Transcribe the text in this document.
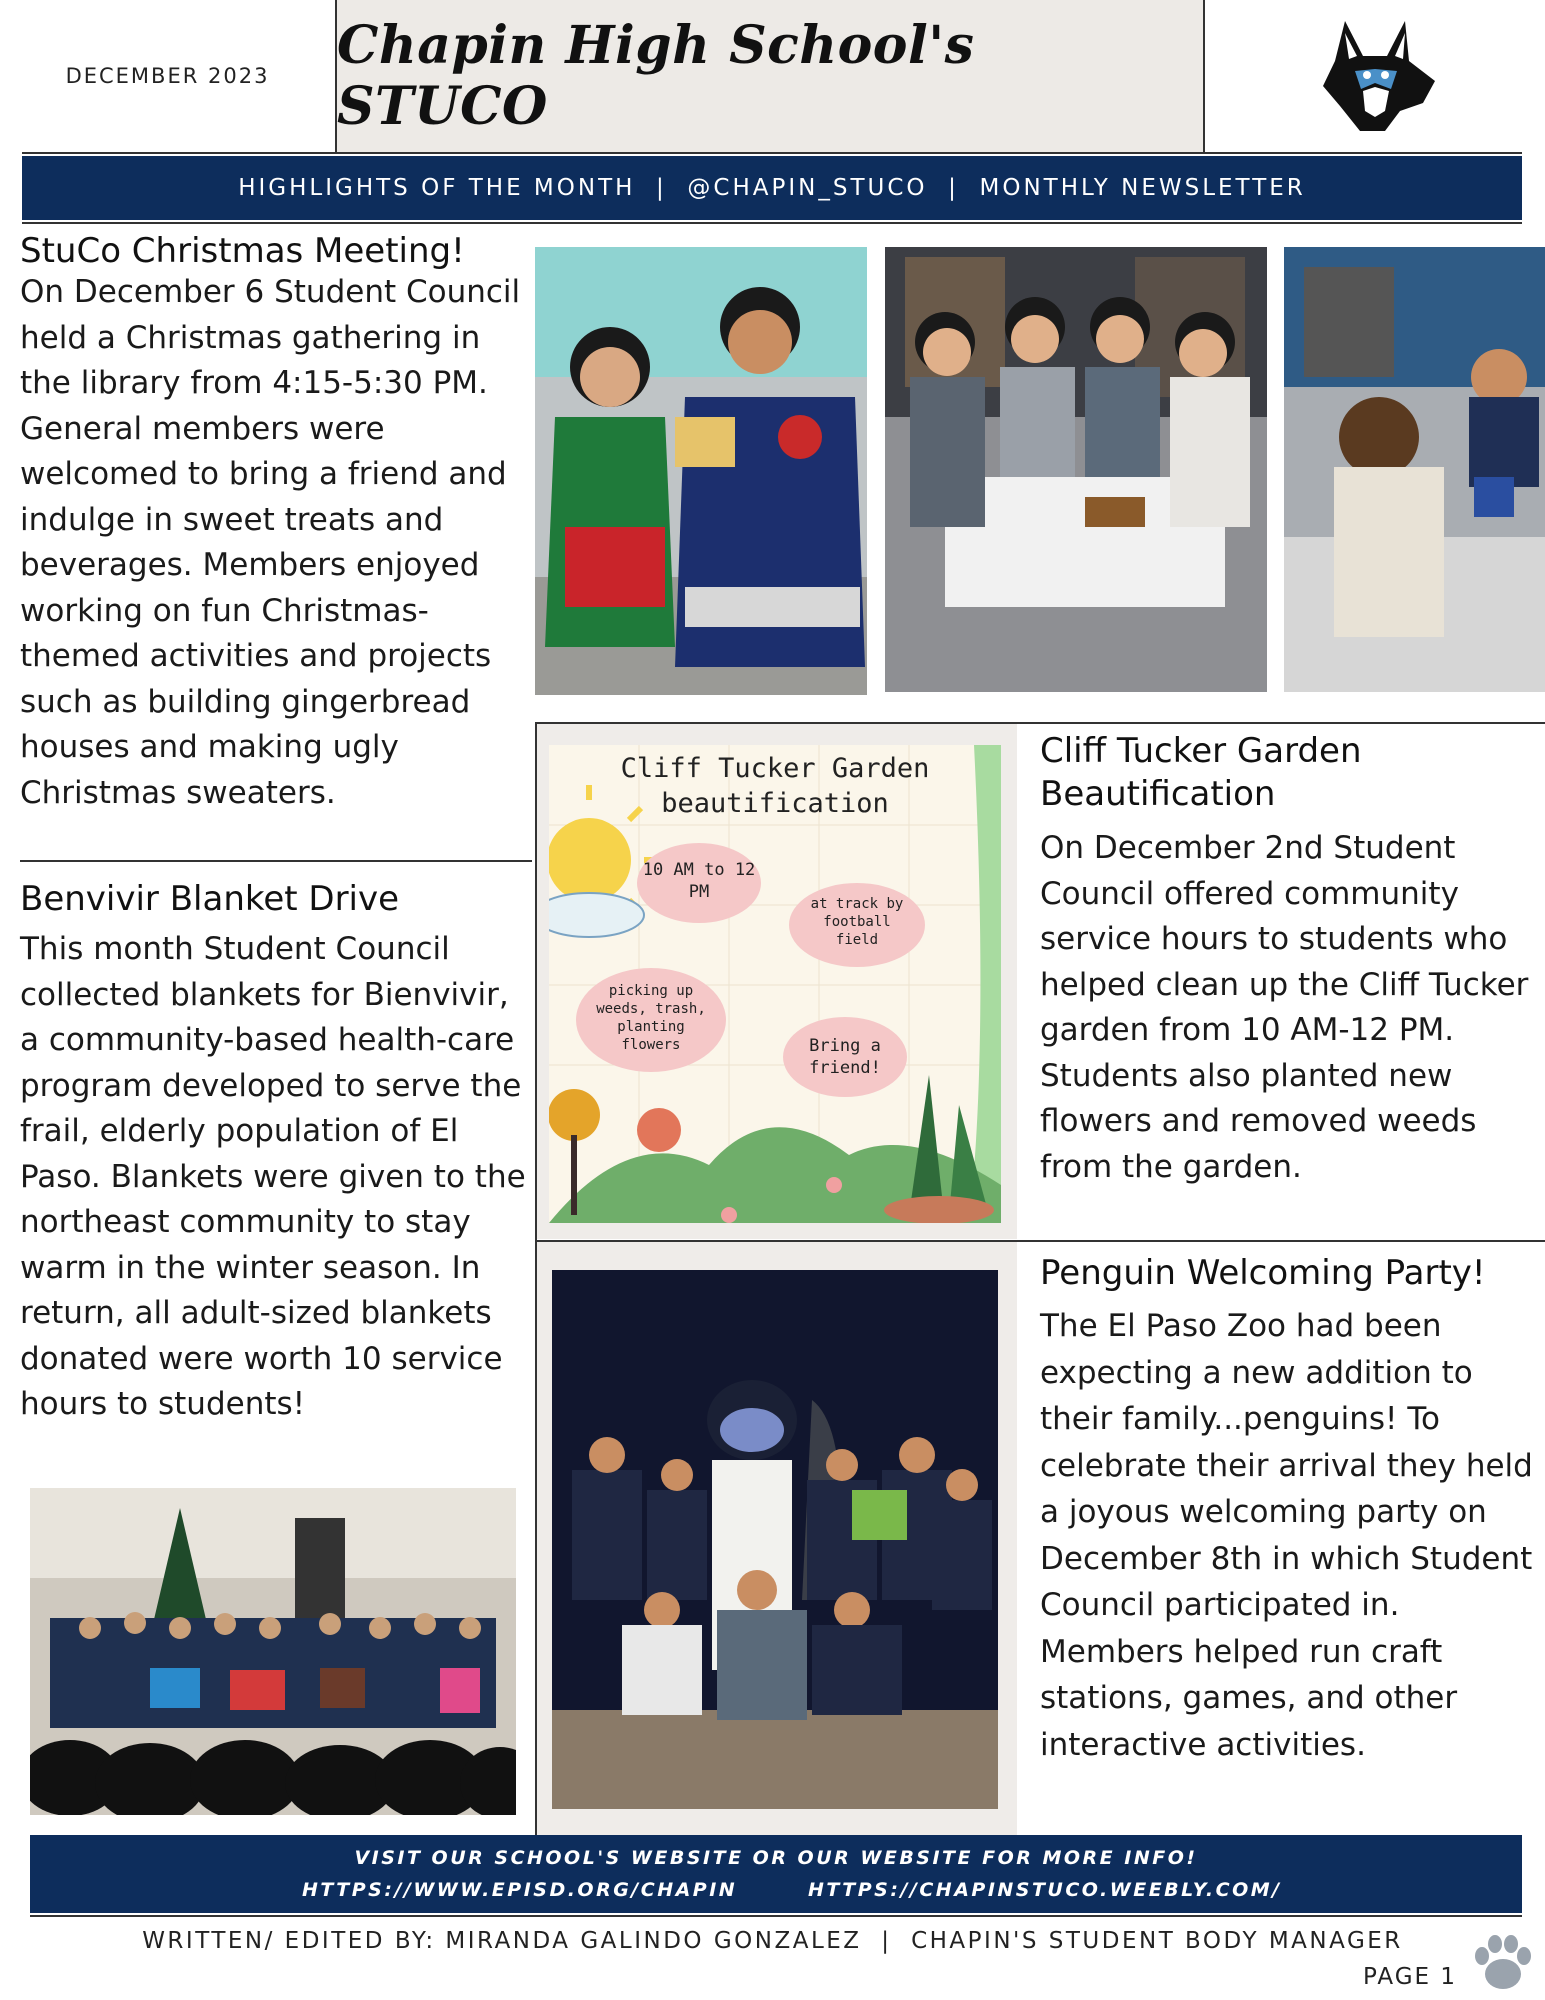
DECEMBER 2023	Chapin High School's STUCO
HIGHLIGHTS OF THE MONTH
|
@CHAPIN_STUCO
|
MONTHLY NEWSLETTER
StuCo Christmas Meeting!
On December 6 Student Council held a Christmas gathering in the library from 4:15-5:30 PM. General members were welcomed to bring a friend and indulge in sweet treats and beverages. Members enjoyed working on fun Christmas-themed activities and projects such as building gingerbread houses and making ugly Christmas sweaters.
Benvivir Blanket Drive
This month Student Council collected blankets for Bienvivir, a community-based health-care program developed to serve the frail, elderly population of El Paso. Blankets were given to the northeast community to stay warm in the winter season. In return, all adult-sized blankets donated were worth 10 service hours to students!
Cliff Tucker Garden
beautification
10 AM to 12
PM
at track by
football
field
picking up
weeds, trash,
planting
flowers	Bring a
friend!
Cliff Tucker Garden Beautification
On December 2nd Student Council offered community service hours to students who helped clean up the Cliff Tucker garden from 10 AM-12 PM. Students also planted new flowers and removed weeds from the garden.
Penguin Welcoming Party!
The El Paso Zoo had been expecting a new addition to their family...penguins! To celebrate their arrival they held a joyous welcoming party on December 8th in which Student Council participated in. Members helped run craft stations, games, and other interactive activities.
VISIT OUR SCHOOL'S WEBSITE OR OUR WEBSITE FOR MORE INFO!
HTTPS://WWW.EPISD.ORG/CHAPIN	HTTPS://CHAPINSTUCO.WEEBLY.COM/
WRITTEN/ EDITED BY: MIRANDA GALINDO GONZALEZ | CHAPIN'S STUDENT BODY MANAGER
PAGE 1
